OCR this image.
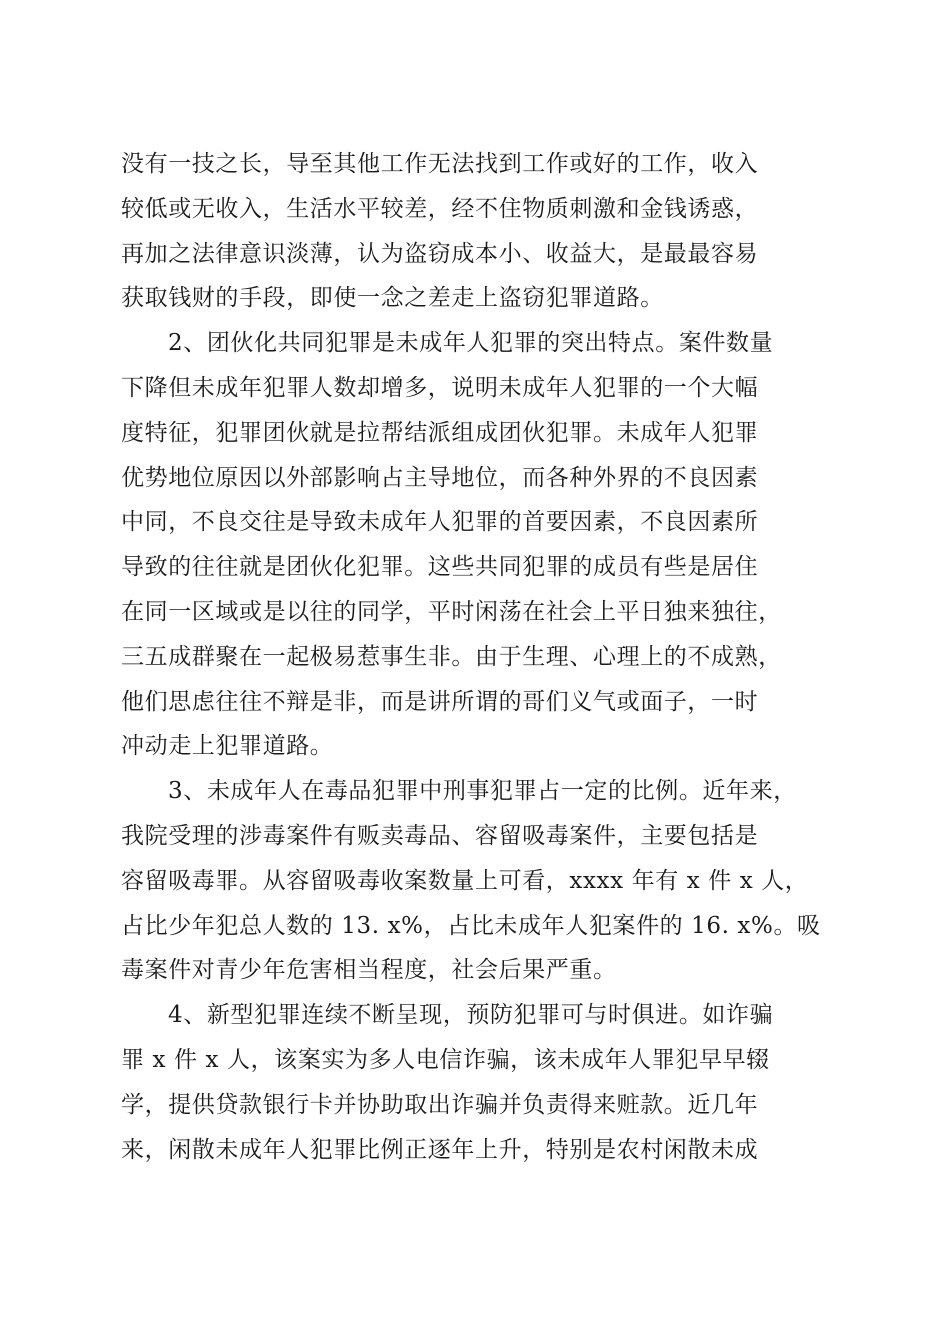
没有一技之长，导至其他工作无法找到工作或好的工作，收入
较低或无收入，生活水平较差，经不住物质刺激和金钱诱惑，
再加之法律意识淡薄，认为盗窃成本小、收益大，是最最容易
获取钱财的手段，即使一念之差走上盗窃犯罪道路。
2、团伙化共同犯罪是未成年人犯罪的突出特点。案件数量
下降但未成年犯罪人数却增多，说明未成年人犯罪的一个大幅
度特征，犯罪团伙就是拉帮结派组成团伙犯罪。未成年人犯罪
优势地位原因以外部影响占主导地位，而各种外界的不良因素
中同，不良交往是导致未成年人犯罪的首要因素，不良因素所
导致的往往就是团伙化犯罪。这些共同犯罪的成员有些是居住
在同一区域或是以往的同学，平时闲荡在社会上平日独来独往，
三五成群聚在一起极易惹事生非。由于生理、心理上的不成熟，
他们思虑往往不辩是非，而是讲所谓的哥们义气或面子，一时
冲动走上犯罪道路。
3、未成年人在毒品犯罪中刑事犯罪占一定的比例。近年来，
我院受理的涉毒案件有贩卖毒品、容留吸毒案件，主要包括是
容留吸毒罪。从容留吸毒收案数量上可看，xxxx 年有 x 件 x 人，
占比少年犯总人数的 13. x%，占比未成年人犯案件的 16. x%。吸
毒案件对青少年危害相当程度，社会后果严重。
4、新型犯罪连续不断呈现，预防犯罪可与时俱进。如诈骗
罪 x 件 x 人，该案实为多人电信诈骗，该未成年人罪犯早早辍
学，提供贷款银行卡并协助取出诈骗并负责得来赃款。近几年
来，闲散未成年人犯罪比例正逐年上升，特别是农村闲散未成
